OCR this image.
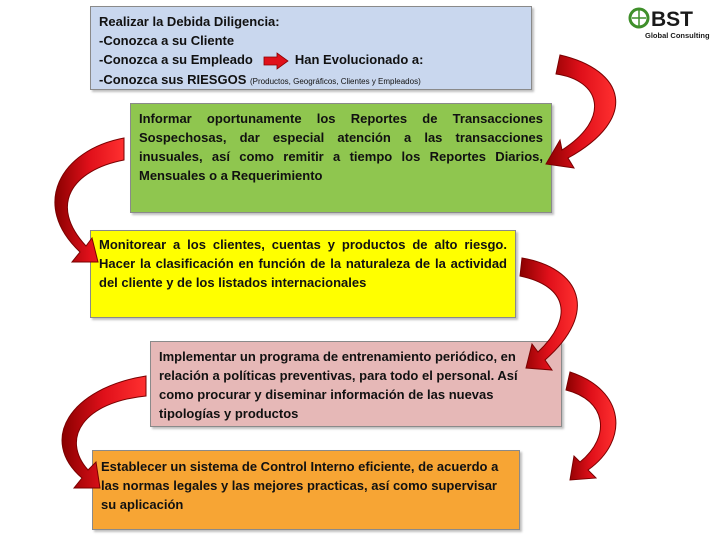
BST
Global Consulting

Realizar la Debida Diligencia:

-Conozca a su Cliente

-Conozca a su Empleado	Han Evolucionado a:

-Conozca sus RIESGOS (Productos, Geográficos, Clientes y Empleados)

Informar oportunamente los Reportes de Transacciones Sospechosas, dar especial atención a las transacciones inusuales, así como remitir a tiempo los Reportes Diarios, Mensuales o a Requerimiento

Monitorear a los clientes, cuentas y productos de alto riesgo. Hacer la clasificación en función de la naturaleza de la actividad del cliente y de los listados internacionales

Implementar un programa de entrenamiento periódico, en relación a políticas preventivas, para todo el personal. Así como procurar y diseminar información de las nuevas tipologías y productos

Establecer un sistema de Control Interno eficiente, de acuerdo a las normas legales y las mejores practicas, así como supervisar su aplicación
